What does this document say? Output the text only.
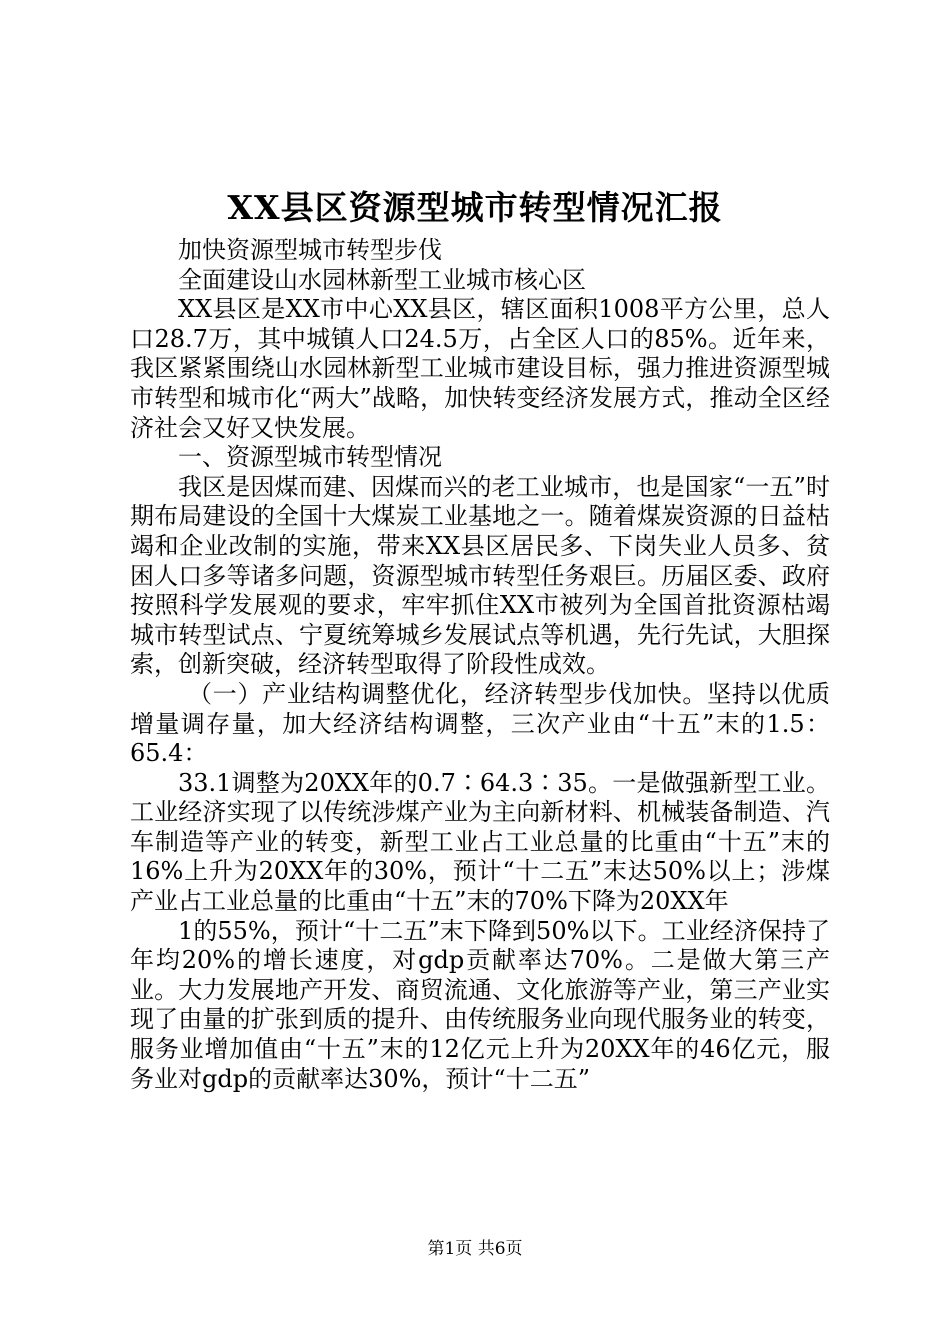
XX县区资源型城市转型情况汇报

加快资源型城市转型步伐

全面建设山水园林新型工业城市核心区

XX县区是XX市中心XX县区，辖区面积1008平方公里，总人口28.7万，其中城镇人口24.5万，占全区人口的85%。近年来，我区紧紧围绕山水园林新型工业城市建设目标，强力推进资源型城市转型和城市化“两大”战略，加快转变经济发展方式，推动全区经济社会又好又快发展。

一、资源型城市转型情况

我区是因煤而建、因煤而兴的老工业城市，也是国家“一五”时期布局建设的全国十大煤炭工业基地之一。随着煤炭资源的日益枯竭和企业改制的实施，带来XX县区居民多、下岗失业人员多、贫困人口多等诸多问题，资源型城市转型任务艰巨。历届区委、政府按照科学发展观的要求，牢牢抓住XX市被列为全国首批资源枯竭城市转型试点、宁夏统筹城乡发展试点等机遇，先行先试，大胆探索，创新突破，经济转型取得了阶段性成效。

（一）产业结构调整优化，经济转型步伐加快。坚持以优质增量调存量，加大经济结构调整，三次产业由“十五”末的1.5：65.4：

33.1调整为20XX年的0.7∶64.3∶35。一是做强新型工业。工业经济实现了以传统涉煤产业为主向新材料、机械装备制造、汽车制造等产业的转变，新型工业占工业总量的比重由“十五”末的16%上升为20XX年的30%，预计“十二五”末达50%以上；涉煤产业占工业总量的比重由“十五”末的70%下降为20XX年

1的55%，预计“十二五”末下降到50%以下。工业经济保持了年均20%的增长速度，对gdp贡献率达70%。二是做大第三产业。大力发展地产开发、商贸流通、文化旅游等产业，第三产业实现了由量的扩张到质的提升、由传统服务业向现代服务业的转变，服务业增加值由“十五”末的12亿元上升为20XX年的46亿元，服务业对gdp的贡献率达30%，预计“十二五”

第1页 共6页
